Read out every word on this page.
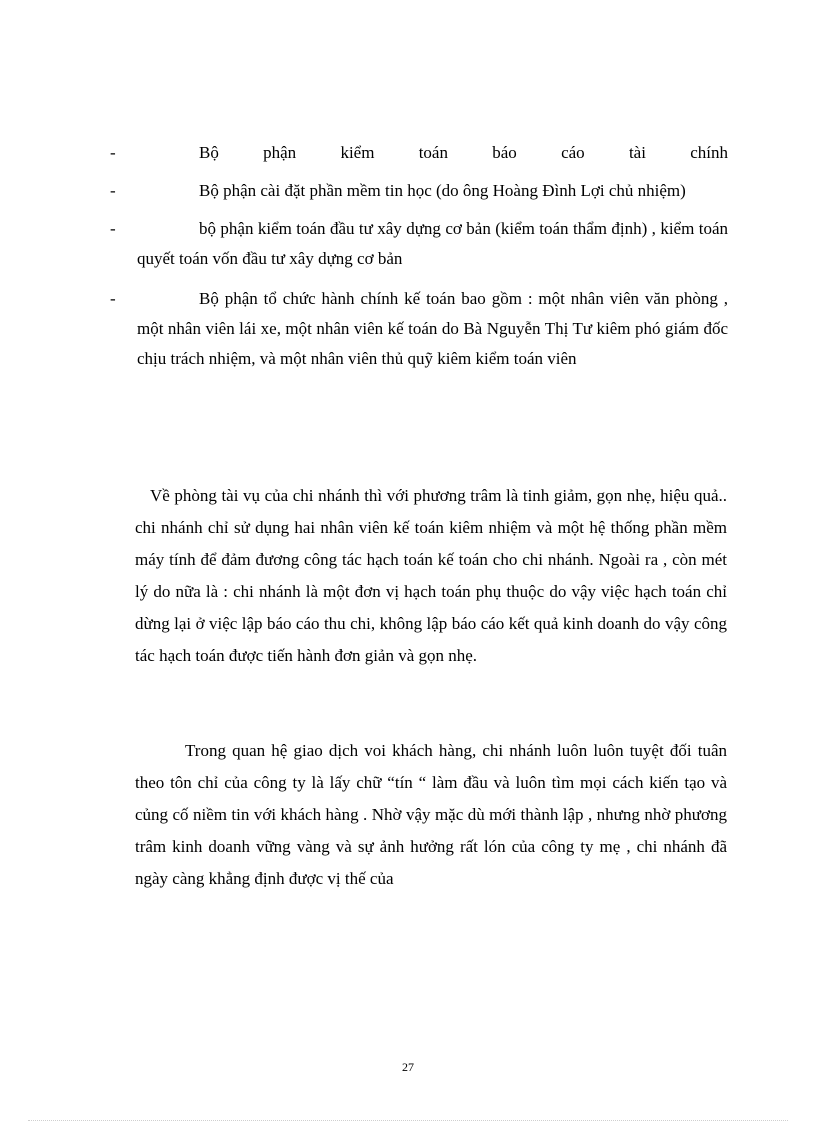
-	Bộ phận kiểm toán báo cáo tài chính
-	Bộ phận cài đặt phần mềm tin học (do ông Hoàng Đình Lợi chủ nhiệm)
-	bộ phận kiểm toán đầu tư xây dựng cơ bản (kiểm toán thẩm định) , kiểm toán quyết toán vốn đầu tư xây dựng cơ bản
-	Bộ phận tổ chức hành chính kế toán bao gồm : một nhân viên văn phòng , một nhân viên lái xe, một nhân viên kế toán do Bà Nguyễn Thị Tư kiêm phó giám đốc chịu trách nhiệm, và một nhân viên thủ quỹ kiêm kiểm toán viên

Về phòng tài vụ của chi nhánh thì với phương trâm là tinh giảm, gọn nhẹ, hiệu quả.. chi nhánh chỉ sử dụng hai nhân viên kế toán kiêm nhiệm và một hệ thống phần mềm máy tính để đảm đương công tác hạch toán kế toán cho chi nhánh. Ngoài ra , còn mét lý do nữa là : chi nhánh là một đơn vị hạch toán phụ thuộc do vậy việc hạch toán chỉ dừng lại ở việc lập báo cáo thu chi, không lập báo cáo kết quả kinh doanh do vậy công tác hạch toán được tiến hành đơn giản và gọn nhẹ.

Trong quan hệ giao dịch voi khách hàng, chi nhánh luôn luôn tuyệt đối tuân theo tôn chỉ của công ty là lấy chữ “tín “ làm đầu và luôn tìm mọi cách kiến tạo và củng cố niềm tin với khách hàng . Nhờ vậy mặc dù mới thành lập , nhưng nhờ phương trâm kinh doanh vững vàng và sự ảnh hưởng rất lón của công ty mẹ , chi nhánh đã ngày càng khẳng định được vị thế của

27
